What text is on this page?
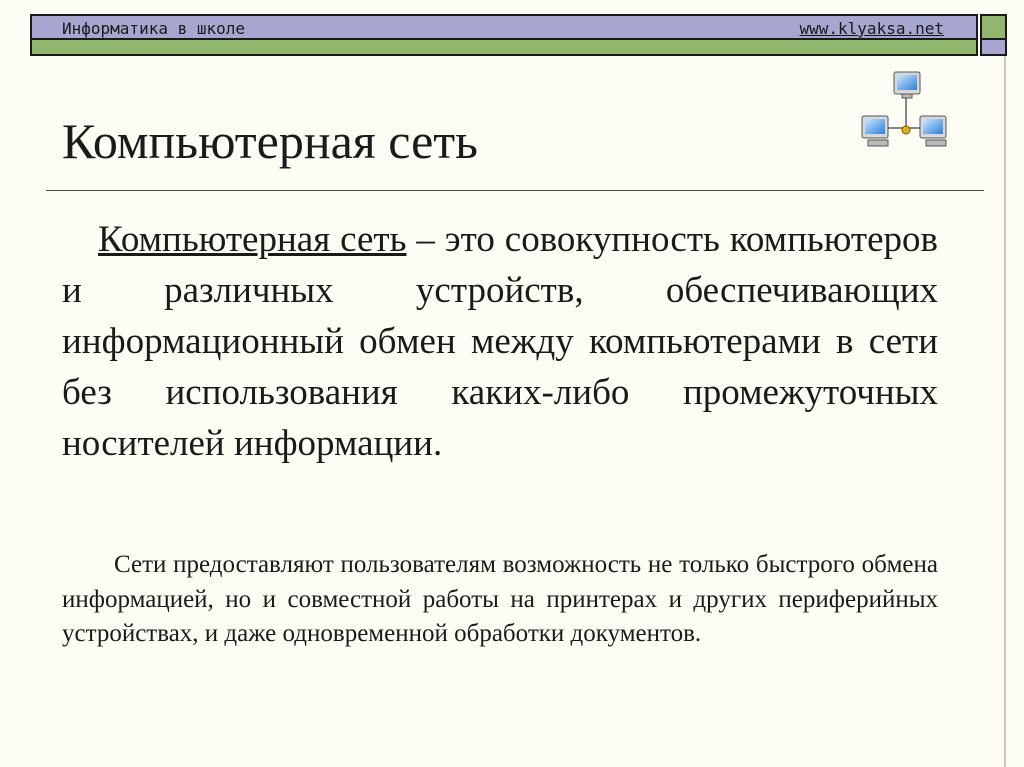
Информатика в школе	www.klyaksa.net
Компьютерная сеть

Компьютерная сеть – это совокупность компьютеров и различных устройств, обеспечивающих информационный обмен между компьютерами в сети без использования каких-либо промежуточных носителей информации.

Сети предоставляют пользователям возможность не только быстрого обмена информацией, но и совместной работы на принтерах и других периферийных устройствах, и даже одновременной обработки документов.
